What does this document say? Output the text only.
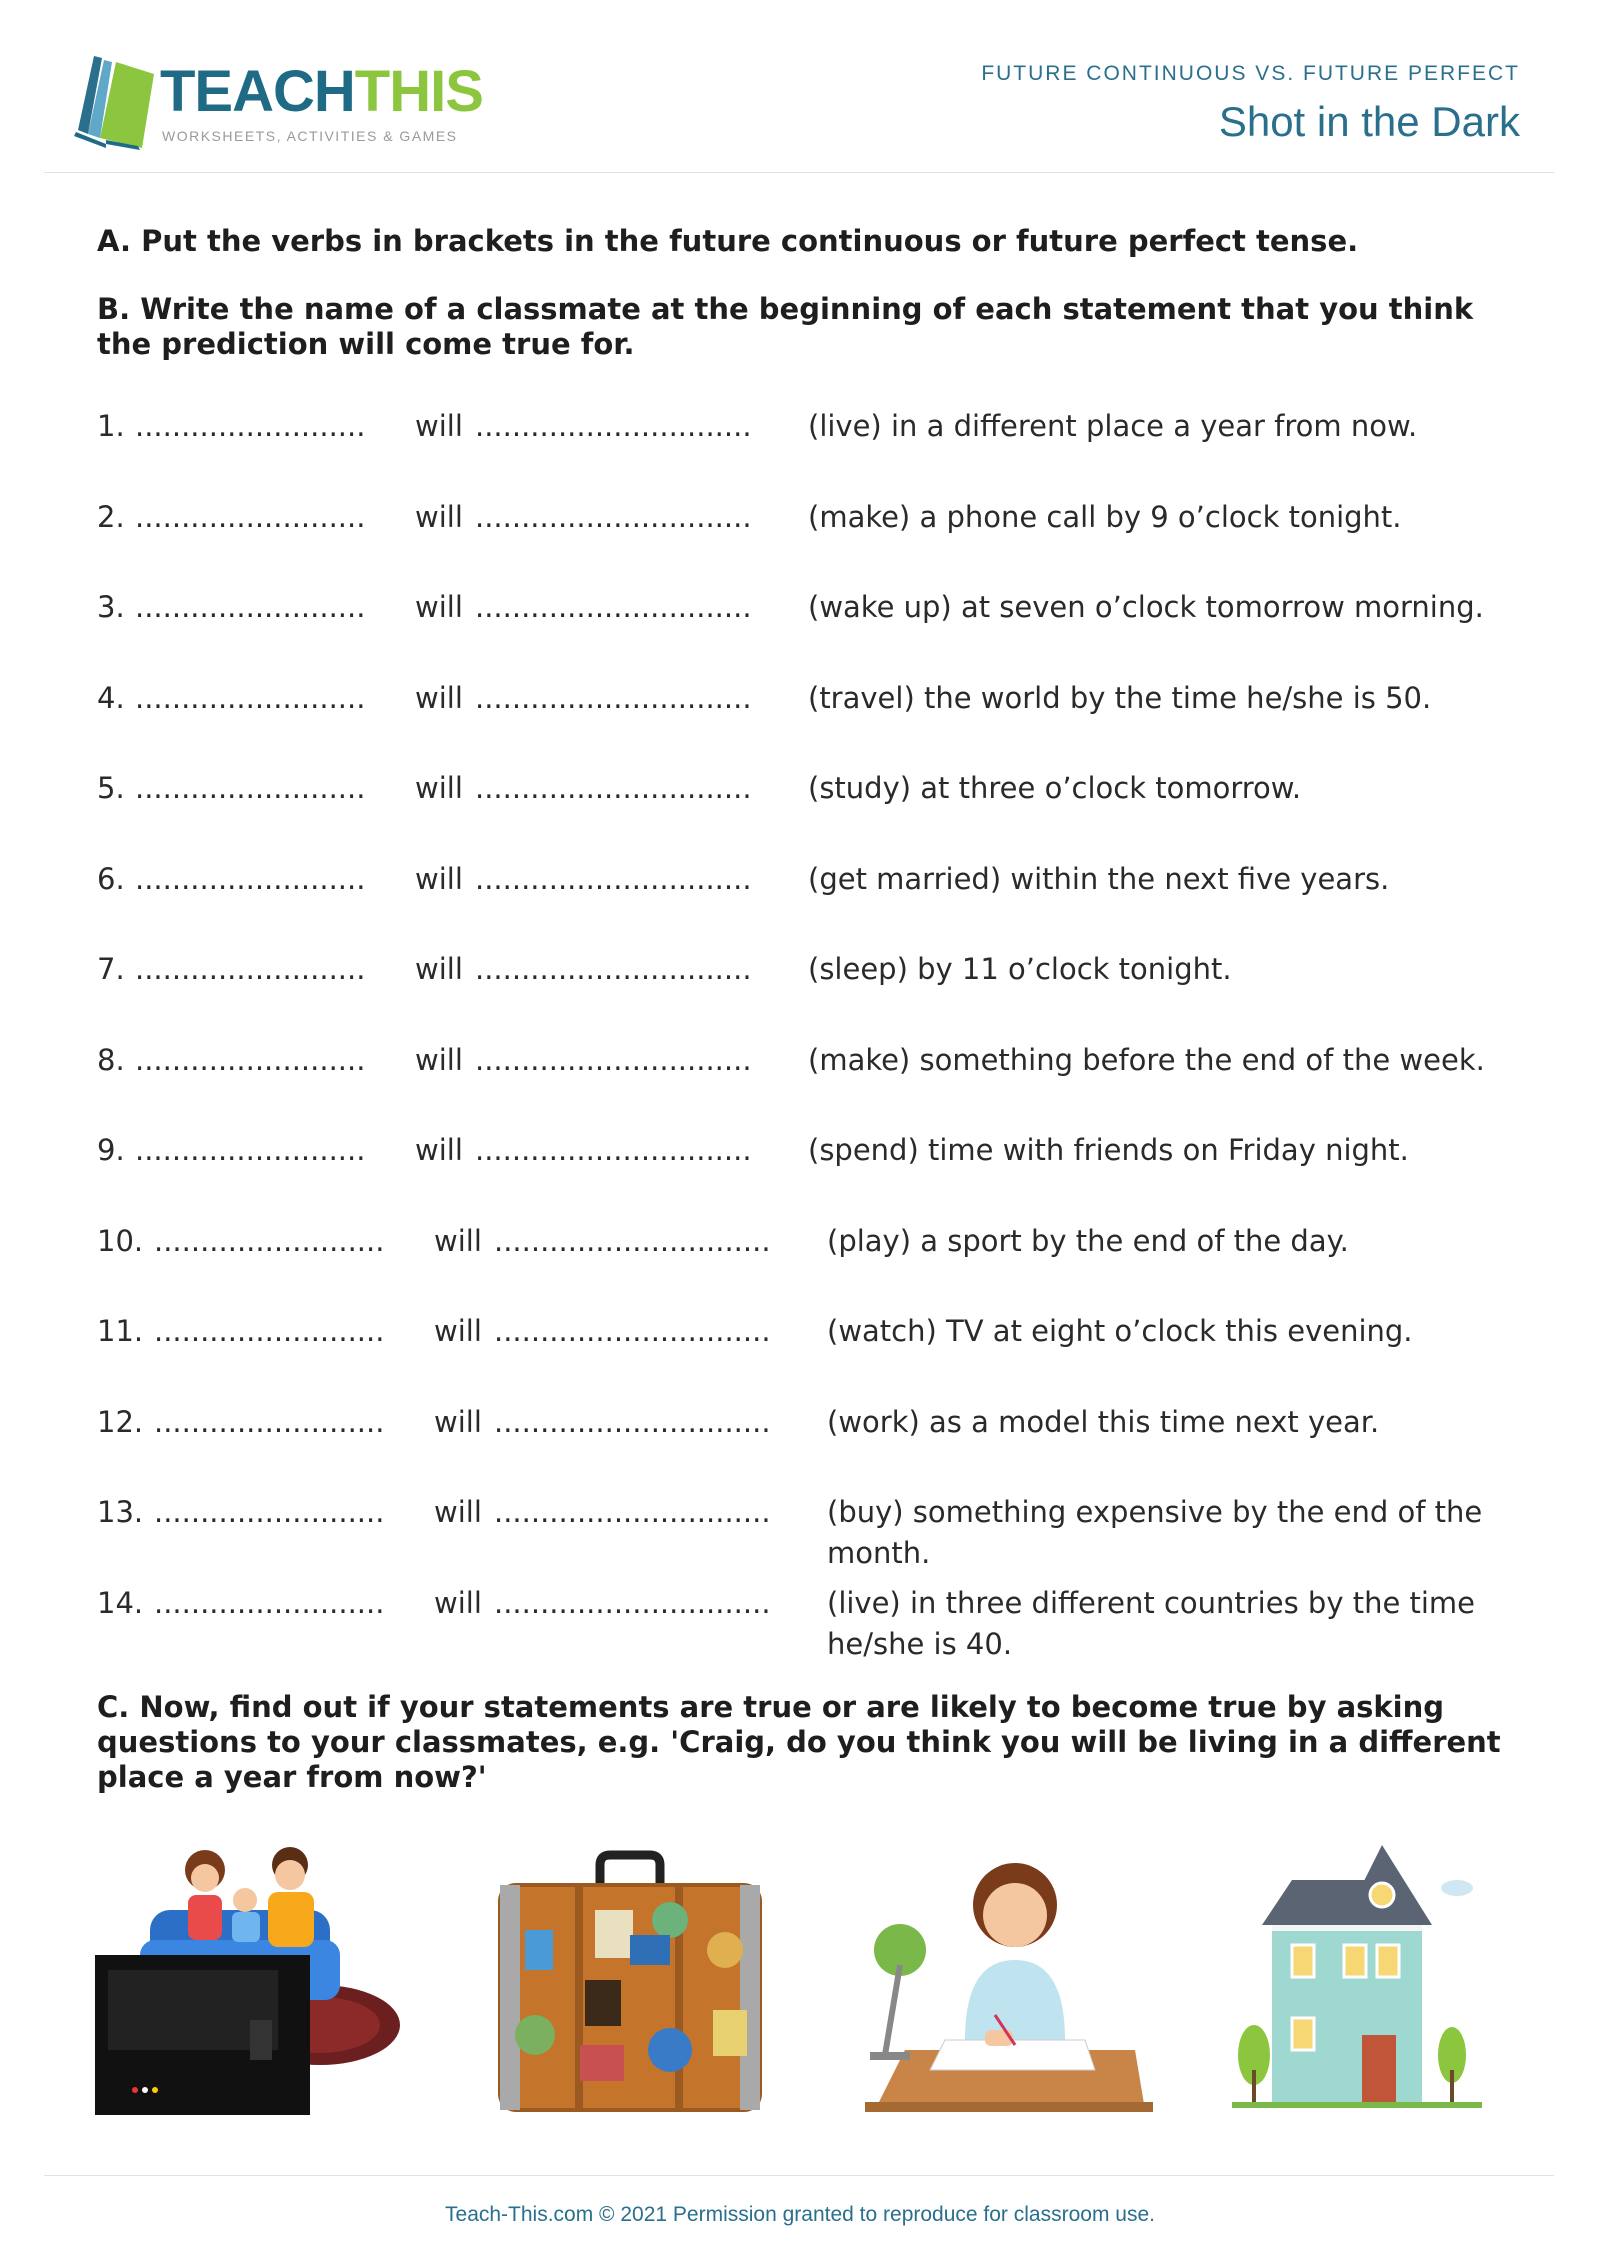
TEACHTHIS
WORKSHEETS, ACTIVITIES & GAMES
FUTURE CONTINUOUS VS. FUTURE PERFECT
Shot in the Dark
A. Put the verbs in brackets in the future continuous or future perfect tense.
B. Write the name of a classmate at the beginning of each statement that you think the prediction will come true for.
1. ......................... will .............................. (live) in a different place a year from now.
2. ......................... will .............................. (make) a phone call by 9 o’clock tonight.
3. ......................... will .............................. (wake up) at seven o’clock tomorrow morning.
4. ......................... will .............................. (travel) the world by the time he/she is 50.
5. ......................... will .............................. (study) at three o’clock tomorrow.
6. ......................... will .............................. (get married) within the next five years.
7. ......................... will .............................. (sleep) by 11 o’clock tonight.
8. ......................... will .............................. (make) something before the end of the week.
9. ......................... will .............................. (spend) time with friends on Friday night.
10. ......................... will .............................. (play) a sport by the end of the day.
11. ......................... will .............................. (watch) TV at eight o’clock this evening.
12. ......................... will .............................. (work) as a model this time next year.
13. ......................... will .............................. (buy) something expensive by the end of the month.
14. ......................... will .............................. (live) in three different countries by the time he/she is 40.
C. Now, find out if your statements are true or are likely to become true by asking questions to your classmates, e.g. 'Craig, do you think you will be living in a different place a year from now?'
Teach-This.com © 2021 Permission granted to reproduce for classroom use.
